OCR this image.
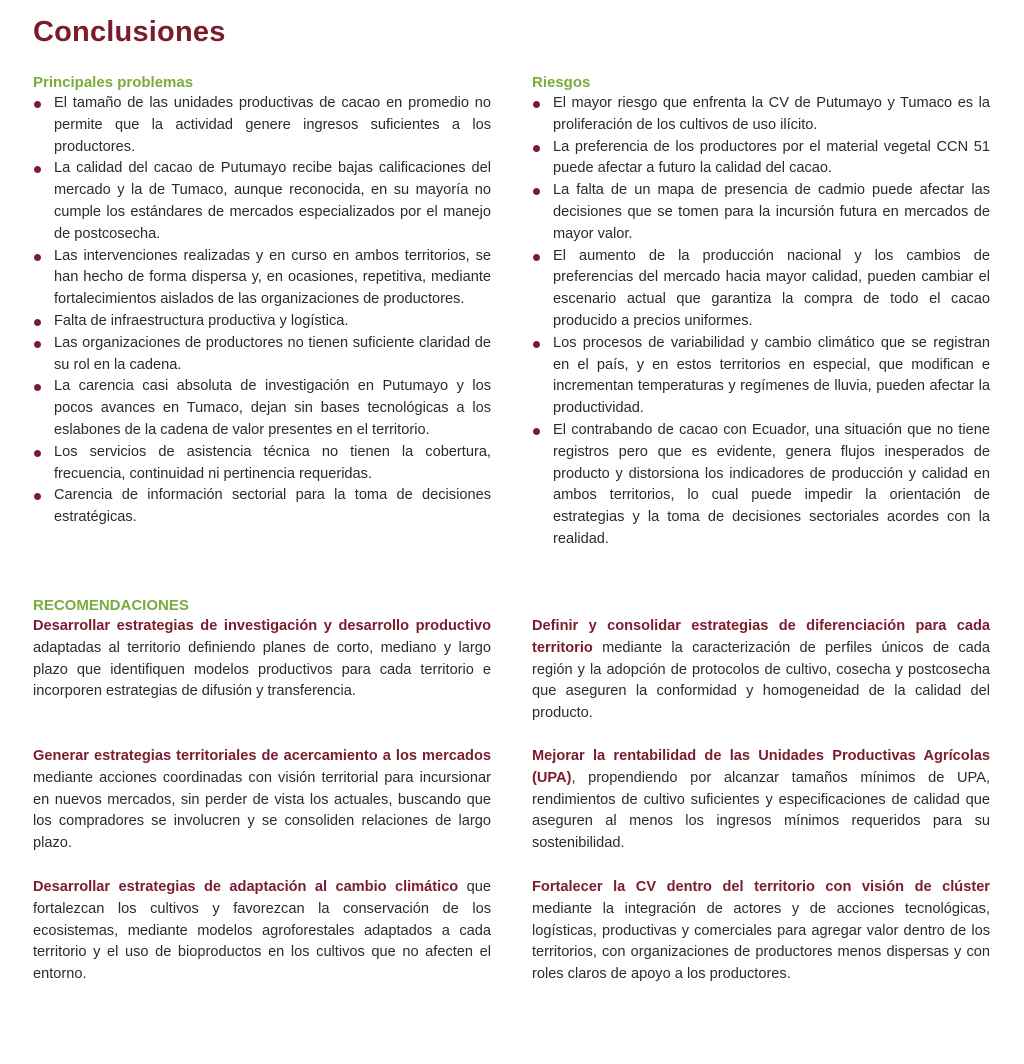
Conclusiones
Principales problemas
El tamaño de las unidades productivas de cacao en promedio no permite que la actividad genere ingresos suficientes a los productores.
La calidad del cacao de Putumayo recibe bajas calificaciones del mercado y la de Tumaco, aunque reconocida, en su mayoría no cumple los estándares de mercados especializados por el manejo de postcosecha.
Las intervenciones realizadas y en curso en ambos territorios, se han hecho de forma dispersa y, en ocasiones, repetitiva, mediante fortalecimientos aislados de las organizaciones de productores.
Falta de infraestructura productiva y logística.
Las organizaciones de productores no tienen suficiente claridad de su rol en la cadena.
La carencia casi absoluta de investigación en Putumayo y los pocos avances en Tumaco, dejan sin bases tecnológicas a los eslabones de la cadena de valor presentes en el territorio.
Los servicios de asistencia técnica no tienen la cobertura, frecuencia, continuidad ni pertinencia requeridas.
Carencia de información sectorial para la toma de decisiones estratégicas.
Riesgos
El mayor riesgo que enfrenta la CV de Putumayo y Tumaco es la proliferación de los cultivos de uso ilícito.
La preferencia de los productores por el material vegetal CCN 51 puede afectar a futuro la calidad del cacao.
La falta de un mapa de presencia de cadmio puede afectar las decisiones que se tomen para la incursión futura en mercados de mayor valor.
El aumento de la producción nacional y los cambios de preferencias del mercado hacia mayor calidad, pueden cambiar el escenario actual que garantiza la compra de todo el cacao producido a precios uniformes.
Los procesos de variabilidad y cambio climático que se registran en el país, y en estos territorios en especial, que modifican e incrementan temperaturas y regímenes de lluvia, pueden afectar la productividad.
El contrabando de cacao con Ecuador, una situación que no tiene registros pero que es evidente, genera flujos inesperados de producto y distorsiona los indicadores de producción y calidad en ambos territorios, lo cual puede impedir la orientación de estrategias y la toma de decisiones sectoriales acordes con la realidad.
RECOMENDACIONES

Desarrollar estrategias de investigación y desarrollo productivo adaptadas al territorio definiendo planes de corto, mediano y largo plazo que identifiquen modelos productivos para cada territorio e incorporen estrategias de difusión y transferencia.

Definir y consolidar estrategias de diferenciación para cada territorio mediante la caracterización de perfiles únicos de cada región y la adopción de protocolos de cultivo, cosecha y postcosecha que aseguren la conformidad y homogeneidad de la calidad del producto.

Generar estrategias territoriales de acercamiento a los mercados mediante acciones coordinadas con visión territorial para incursionar en nuevos mercados, sin perder de vista los actuales, buscando que los compradores se involucren y se consoliden relaciones de largo plazo.

Mejorar la rentabilidad de las Unidades Productivas Agrícolas (UPA), propendiendo por alcanzar tamaños mínimos de UPA, rendimientos de cultivo suficientes y especificaciones de calidad que aseguren al menos los ingresos mínimos requeridos para su sostenibilidad.

Desarrollar estrategias de adaptación al cambio climático que fortalezcan los cultivos y favorezcan la conservación de los ecosistemas, mediante modelos agroforestales adaptados a cada territorio y el uso de bioproductos en los cultivos que no afecten el entorno.

Fortalecer la CV dentro del territorio con visión de clúster mediante la integración de actores y de acciones tecnológicas, logísticas, productivas y comerciales para agregar valor dentro de los territorios, con organizaciones de productores menos dispersas y con roles claros de apoyo a los productores.
